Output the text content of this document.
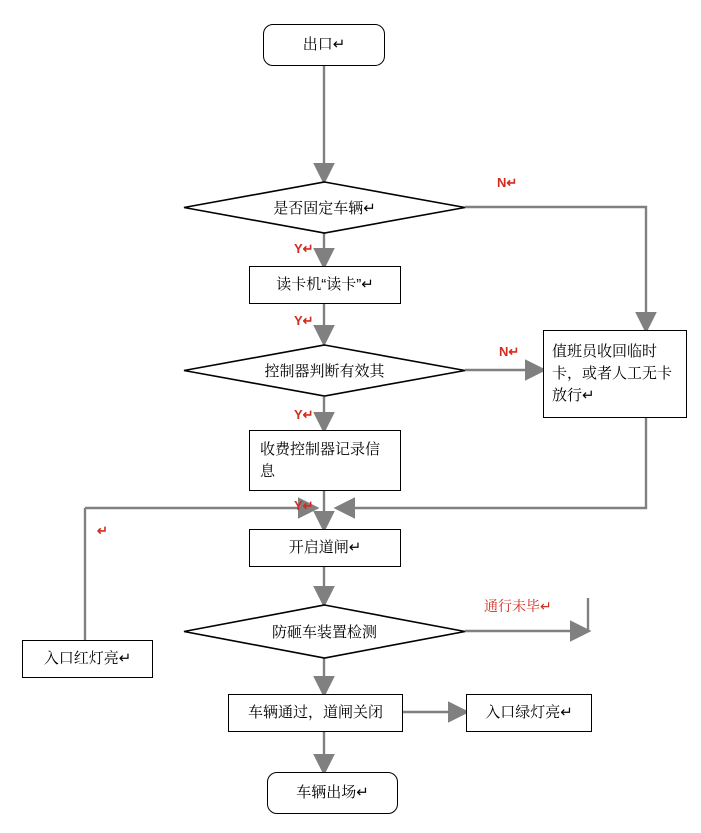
出口↵
是否固定车辆↵
读卡机“读卡”↵
控制器判断有效其
值班员收回临时卡，或者人工无卡放行↵
收费控制器记录信息
开启道闸↵
防砸车装置检测
入口红灯亮↵
车辆通过，道闸关闭	入口绿灯亮↵
车辆出场↵
N↵
Y↵
Y↵
N↵
Y↵
Y↵
通行未毕↵
↵
